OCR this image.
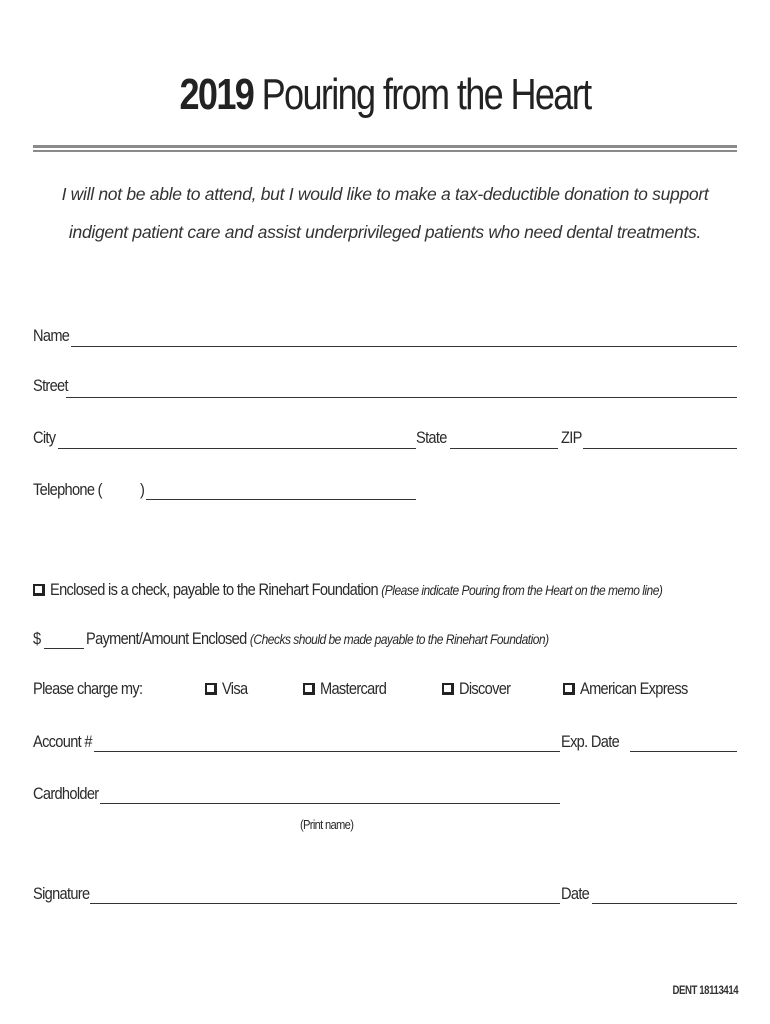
2019 Pouring from the Heart
I will not be able to attend, but I would like to make a tax-deductible donation to support
indigent patient care and assist underprivileged patients who need dental treatments.
Name
Street
City	State	ZIP
Telephone ( )
Enclosed is a check, payable to the Rinehart Foundation (Please indicate Pouring from the Heart on the memo line)
$	Payment/Amount Enclosed (Checks should be made payable to the Rinehart Foundation)
Please charge my:	Visa	Mastercard	Discover	American Express
Account #	Exp. Date
Cardholder
(Print name)
Signature	Date
DENT 18113414
